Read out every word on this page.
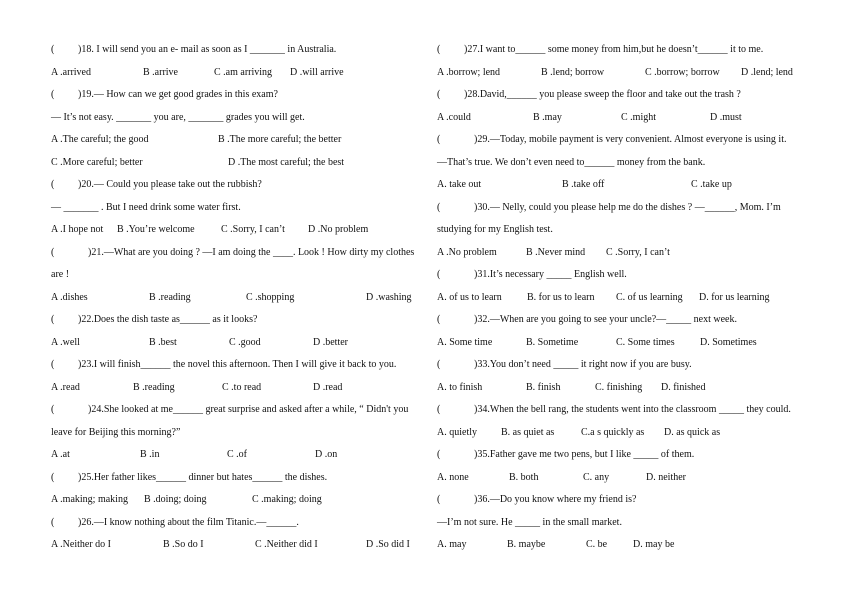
( )18. I will send you an e- mail as soon as I _______ in Australia.
A .arrived	B .arrive	C .am arriving D .will arrive
( )19.— How can we get good grades in this exam?
— It’s not easy. _______ you are, _______ grades you will get.
A .The careful; the good	B .The more careful; the better
C .More careful; better	D .The most careful; the best
( )20.— Could you please take out the rubbish?
— _______ . But I need drink some water first.
A .I hope not B .You’re welcome	C .Sorry, I can’t D .No problem
(	)21.—What are you doing ? —I am doing the ____. Look ! How dirty my clothes
are !
A .dishes	B .reading	C .shopping	D .washing
( )22.Does the dish taste as______ as it looks?
A .well	B .best	C .good	D .better
( )23.I will finish______ the novel this afternoon. Then I will give it back to you.
A .read	B .reading	C .to read	D .read
(	)24.She looked at me______ great surprise and asked after a while, “ Didn't you
leave for Beijing this morning?”
A .at	B .in	C .of	D .on
( )25.Her father likes______ dinner but hates______ the dishes.
A .making; making B .doing; doing	C .making; doing
( )26.—I know nothing about the film Titanic.—______.
A .Neither do I	B .So do I	C .Neither did I	D .So did I
( )27.I want to______ some money from him,but he doesn’t______ it to me.
A .borrow; lend	B .lend; borrow	C .borrow; borrow D .lend; lend
( )28.David,______ you please sweep the floor and take out the trash ?
A .could	B .may	C .might	D .must
(	)29.—Today, mobile payment is very convenient. Almost everyone is using it.
—That’s true. We don’t even need to______ money from the bank.
A. take out	B .take off	C .take up
(	)30.— Nelly, could you please help me do the dishes ? —______, Mom. I’m
studying for my English test.
A .No problem	B .Never mind C .Sorry, I can’t
(	)31.It’s necessary _____ English well.
A. of us to learn	B. for us to learn C. of us learning D. for us learning
(	)32.—When are you going to see your uncle?—_____ next week.
A. Some time	B. Sometime	C. Some times	D. Sometimes
(	)33.You don’t need _____ it right now if you are busy.
A. to finish	B. finish	C. finishing D. finished
(	)34.When the bell rang, the students went into the classroom _____ they could.
A. quietly B. as quiet as	C.a s quickly as D. as quick as
(	)35.Father gave me two pens, but I like _____ of them.
A. none	B. both	C. any	D. neither
(	)36.—Do you know where my friend is?
—I’m not sure. He _____ in the small market.
A. may	B. maybe	C. be	D. may be
